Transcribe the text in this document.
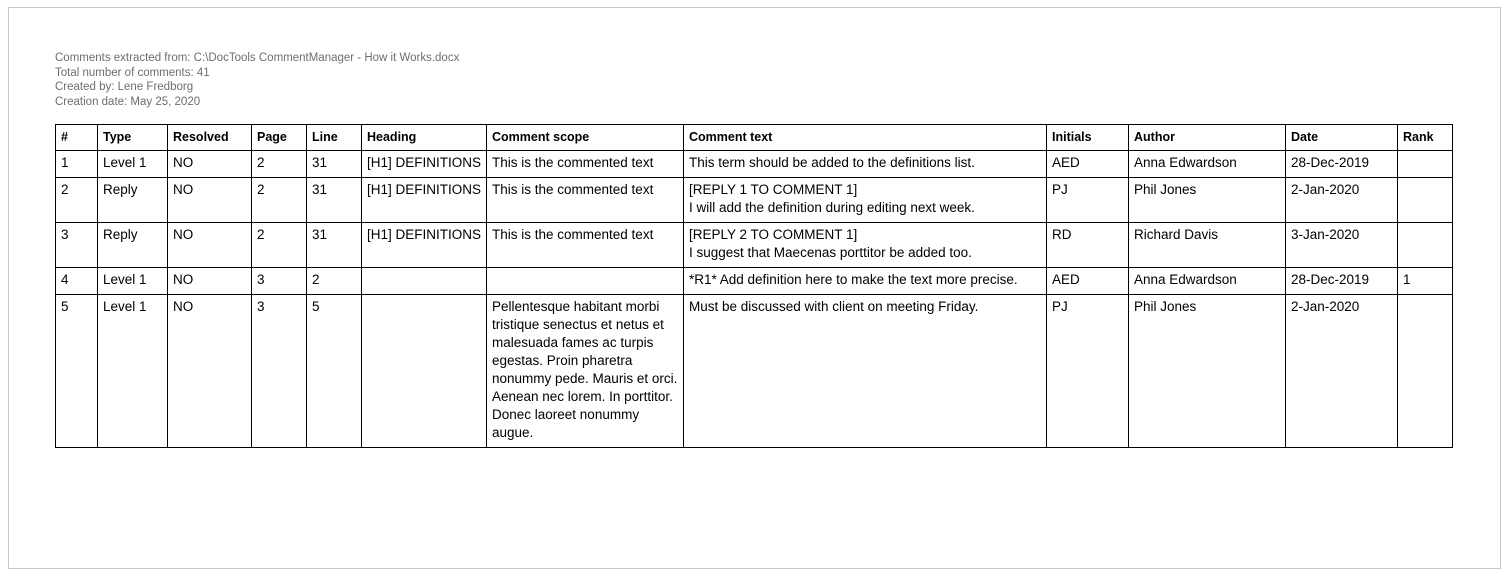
Comments extracted from: C:\DocTools CommentManager - How it Works.docx
Total number of comments: 41
Created by: Lene Fredborg
Creation date: May 25, 2020
#	Type	Resolved	Page	Line	Heading	Comment scope	Comment text	Initials	Author	Date	Rank
1	Level 1	NO	2	31	[H1] DEFINITIONS	This is the commented text	This term should be added to the definitions list.	AED	Anna Edwardson	28-Dec-2019	
2	Reply	NO	2	31	[H1] DEFINITIONS	This is the commented text	[REPLY 1 TO COMMENT 1]
I will add the definition during editing next week.	PJ	Phil Jones	2-Jan-2020	
3	Reply	NO	2	31	[H1] DEFINITIONS	This is the commented text	[REPLY 2 TO COMMENT 1]
I suggest that Maecenas porttitor be added too.	RD	Richard Davis	3-Jan-2020	
4	Level 1	NO	3	2			*R1* Add definition here to make the text more precise.	AED	Anna Edwardson	28-Dec-2019	1
5	Level 1	NO	3	5		Pellentesque habitant morbi tristique senectus et netus et malesuada fames ac turpis egestas. Proin pharetra nonummy pede. Mauris et orci. Aenean nec lorem. In porttitor. Donec laoreet nonummy augue.	Must be discussed with client on meeting Friday.	PJ	Phil Jones	2-Jan-2020	
